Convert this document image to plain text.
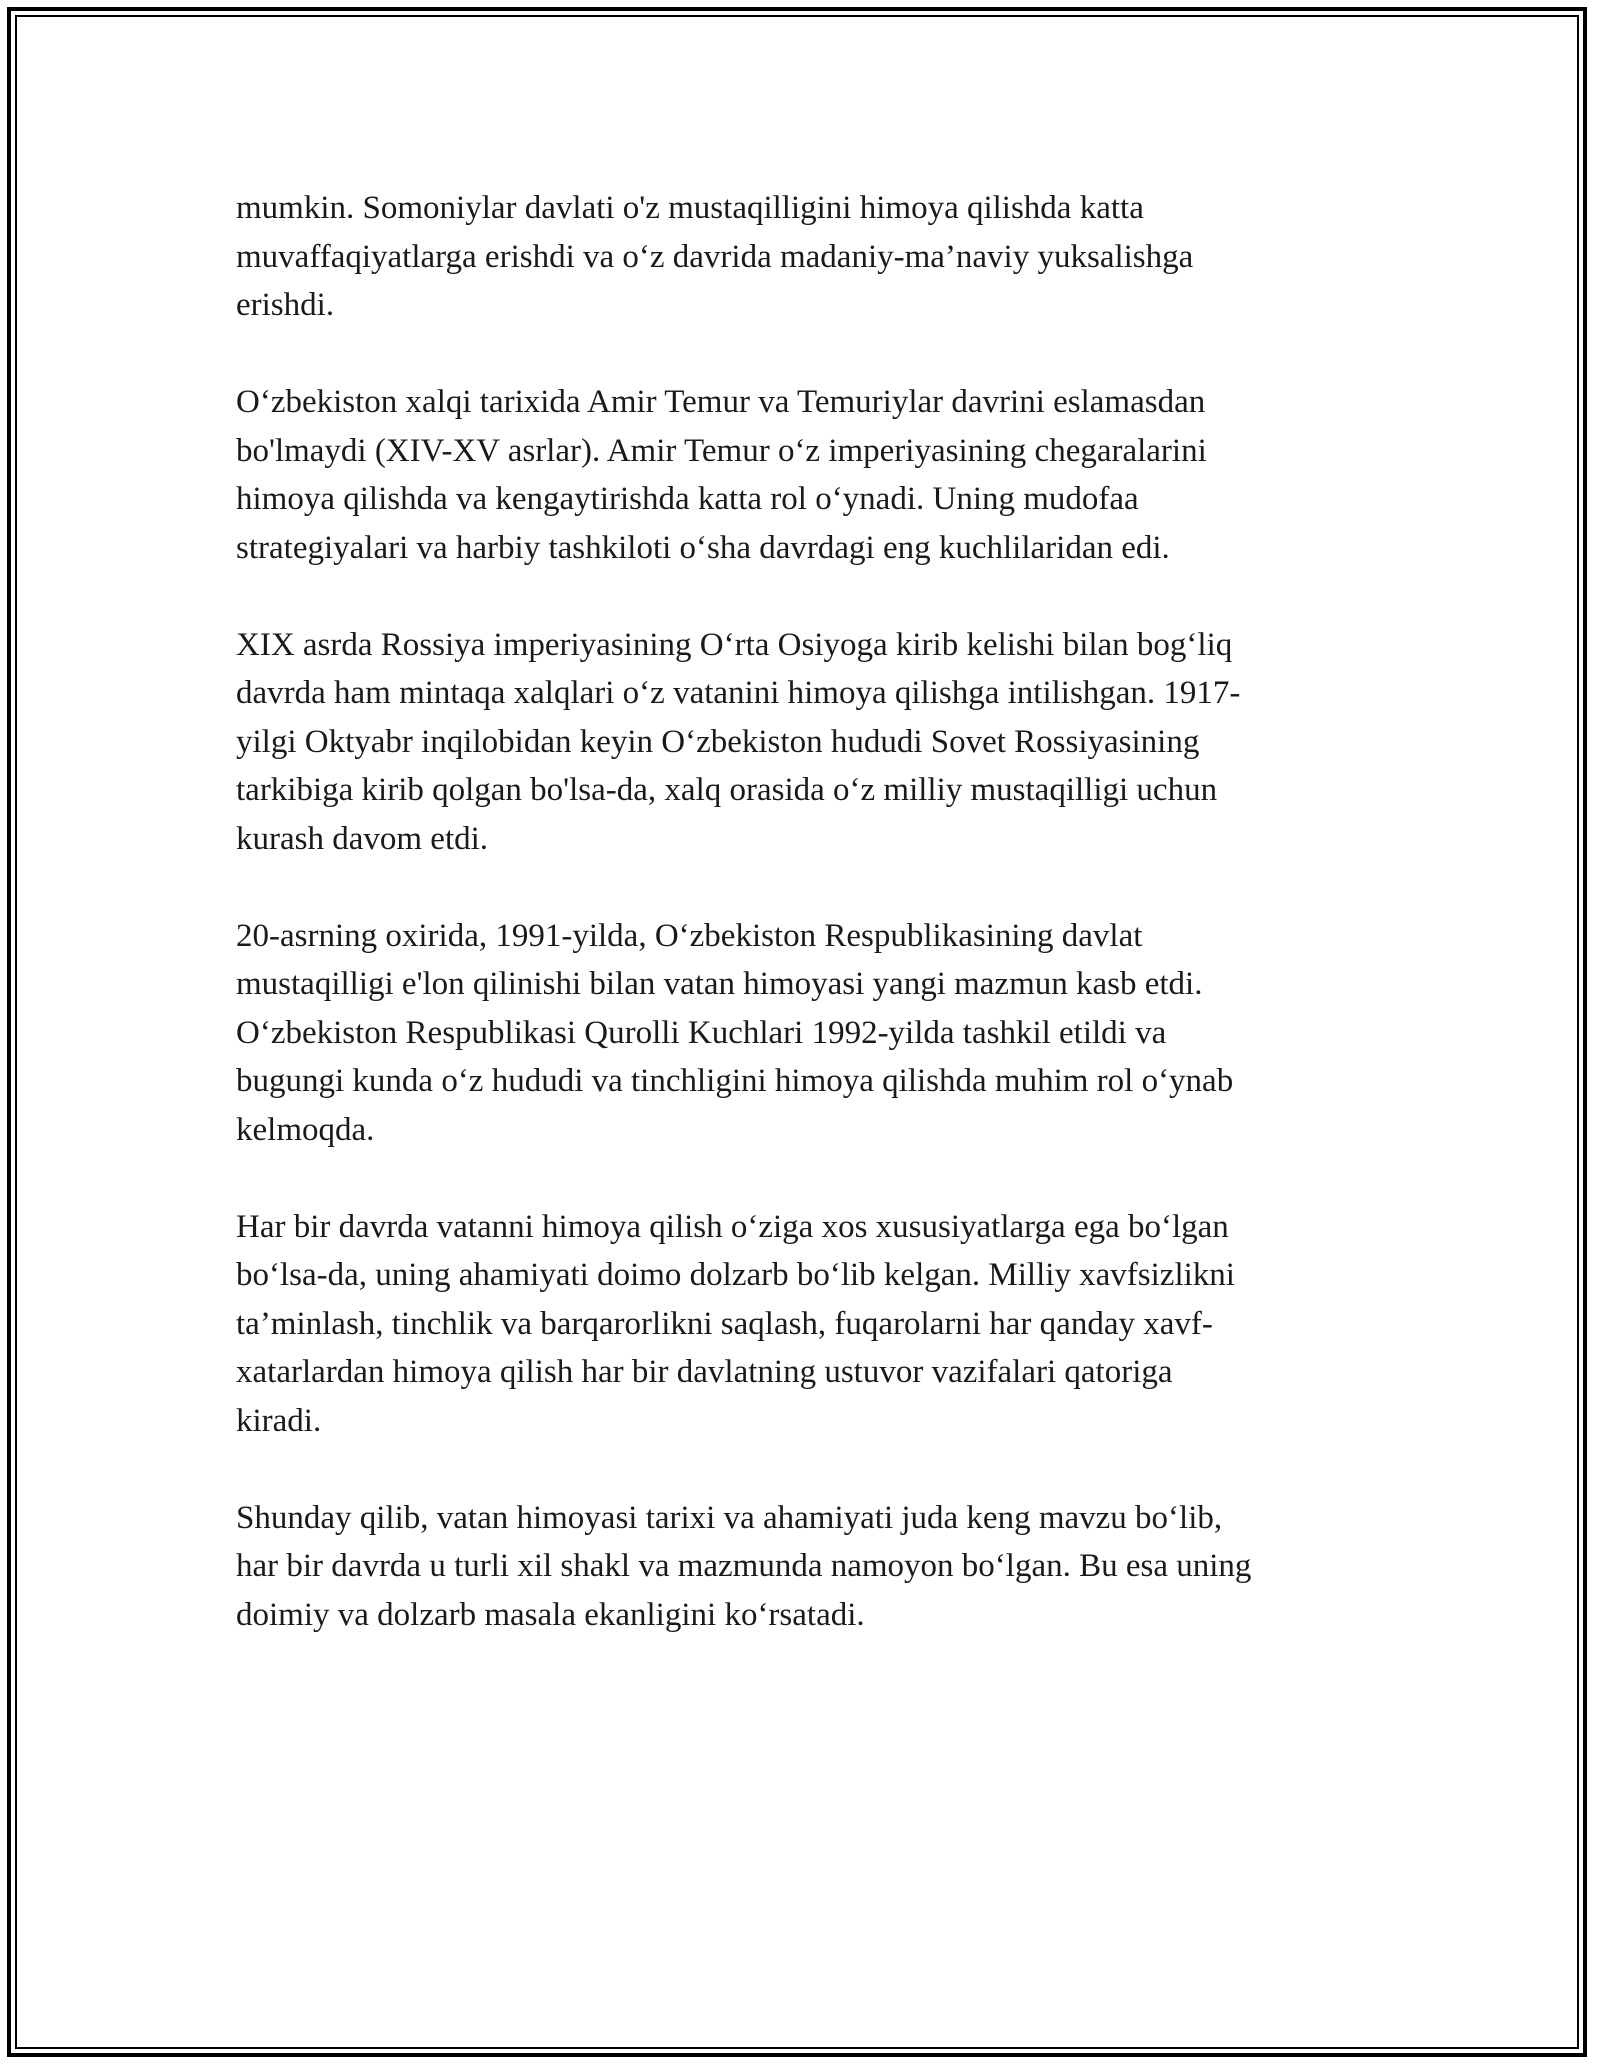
mumkin. Somoniylar davlati o'z mustaqilligini himoya qilishda katta
muvaffaqiyatlarga erishdi va o‘z davrida madaniy-ma’naviy yuksalishga
erishdi.

O‘zbekiston xalqi tarixida Amir Temur va Temuriylar davrini eslamasdan
bo'lmaydi (XIV-XV asrlar). Amir Temur o‘z imperiyasining chegaralarini
himoya qilishda va kengaytirishda katta rol o‘ynadi. Uning mudofaa
strategiyalari va harbiy tashkiloti o‘sha davrdagi eng kuchlilaridan edi.

XIX asrda Rossiya imperiyasining O‘rta Osiyoga kirib kelishi bilan bog‘liq
davrda ham mintaqa xalqlari o‘z vatanini himoya qilishga intilishgan. 1917-
yilgi Oktyabr inqilobidan keyin O‘zbekiston hududi Sovet Rossiyasining
tarkibiga kirib qolgan bo'lsa-da, xalq orasida o‘z milliy mustaqilligi uchun
kurash davom etdi.

20-asrning oxirida, 1991-yilda, O‘zbekiston Respublikasining davlat
mustaqilligi e'lon qilinishi bilan vatan himoyasi yangi mazmun kasb etdi.
O‘zbekiston Respublikasi Qurolli Kuchlari 1992-yilda tashkil etildi va
bugungi kunda o‘z hududi va tinchligini himoya qilishda muhim rol o‘ynab
kelmoqda.

Har bir davrda vatanni himoya qilish o‘ziga xos xususiyatlarga ega bo‘lgan
bo‘lsa-da, uning ahamiyati doimo dolzarb bo‘lib kelgan. Milliy xavfsizlikni
ta’minlash, tinchlik va barqarorlikni saqlash, fuqarolarni har qanday xavf-
xatarlardan himoya qilish har bir davlatning ustuvor vazifalari qatoriga
kiradi.

Shunday qilib, vatan himoyasi tarixi va ahamiyati juda keng mavzu bo‘lib,
har bir davrda u turli xil shakl va mazmunda namoyon bo‘lgan. Bu esa uning
doimiy va dolzarb masala ekanligini ko‘rsatadi.
